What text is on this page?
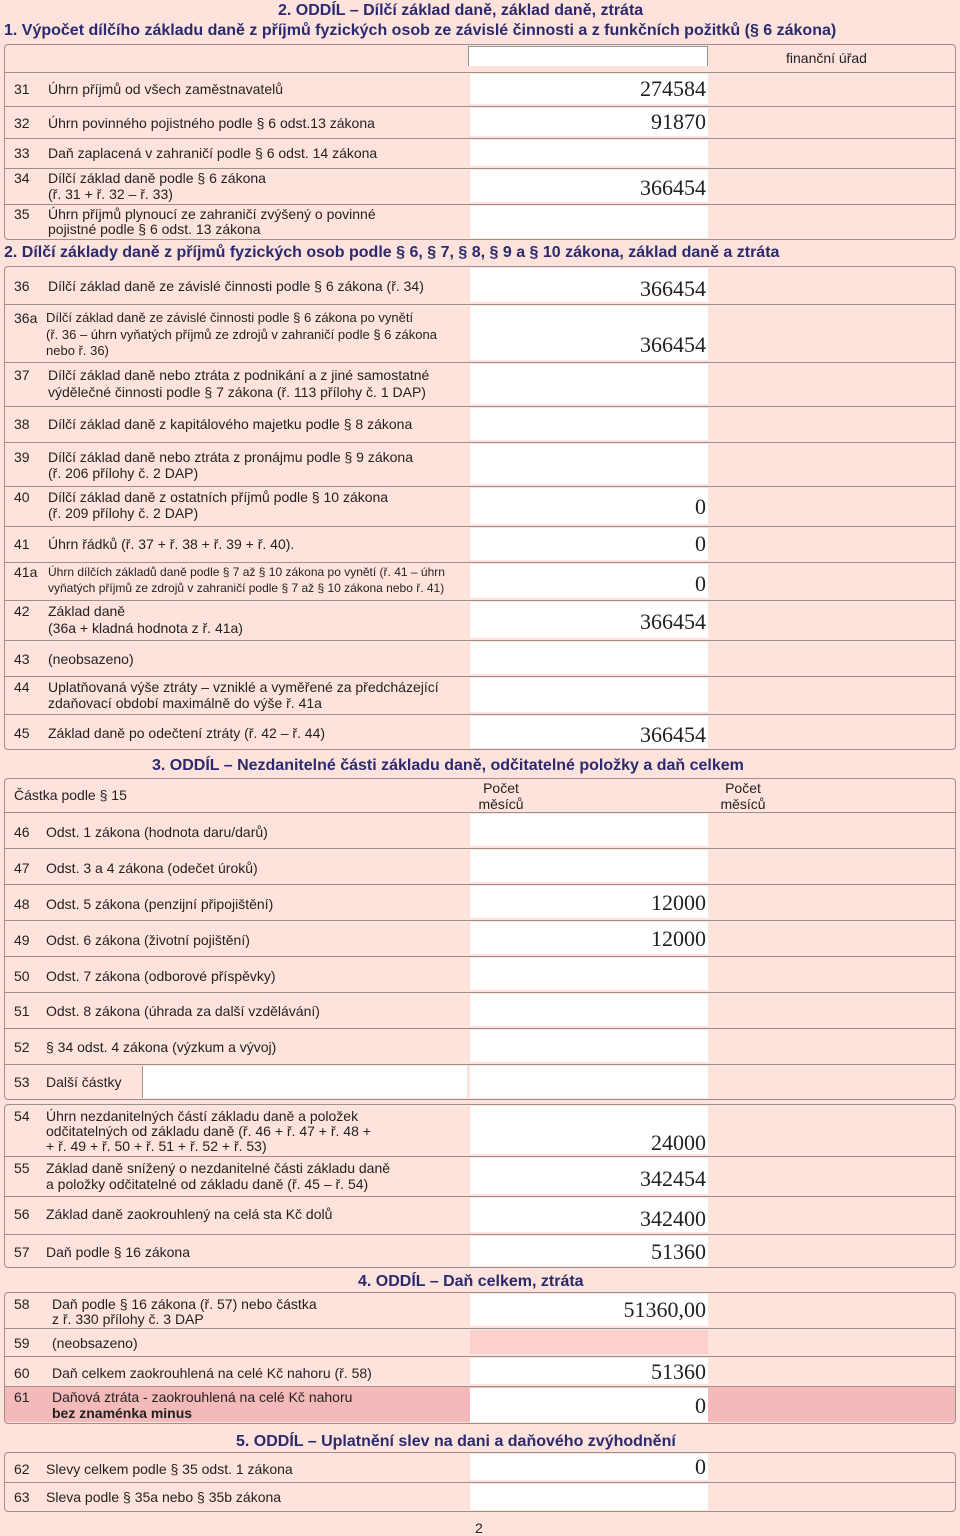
2. ODDÍL – Dílčí základ daně, základ daně, ztráta
1. Výpočet dílčího základu daně z příjmů fyzických osob ze závislé činnosti a z funkčních požitků (§ 6 zákona)
finanční úřad
31 Úhrn příjmů od všech zaměstnavatelů	274584
32 Úhrn povinného pojistného podle § 6 odst.13 zákona	91870
33 Daň zaplacená v zahraničí podle § 6 odst. 14 zákona
34 Dílčí základ daně podle § 6 zákona
(ř. 31 + ř. 32 – ř. 33)	366454
35 Úhrn příjmů plynoucí ze zahraničí zvýšený o povinné
pojistné podle § 6 odst. 13 zákona
2. Dílčí základy daně z příjmů fyzických osob podle § 6, § 7, § 8, § 9 a § 10 zákona, základ daně a ztráta
36 Dílčí základ daně ze závislé činnosti podle § 6 zákona (ř. 34)	366454
36a Dílčí základ daně ze závislé činnosti podle § 6 zákona po vynětí
(ř. 36 – úhrn vyňatých příjmů ze zdrojů v zahraničí podle § 6 zákona
nebo ř. 36)	366454
37 Dílčí základ daně nebo ztráta z podnikání a z jiné samostatné
výdělečné činnosti podle § 7 zákona (ř. 113 přílohy č. 1 DAP)
38 Dílčí základ daně z kapitálového majetku podle § 8 zákona
39 Dílčí základ daně nebo ztráta z pronájmu podle § 9 zákona
(ř. 206 přílohy č. 2 DAP)
40 Dílčí základ daně z ostatních příjmů podle § 10 zákona
(ř. 209 přílohy č. 2 DAP)	0
41 Úhrn řádků (ř. 37 + ř. 38 + ř. 39 + ř. 40).	0
41a Úhrn dílčích základů daně podle § 7 až § 10 zákona po vynětí (ř. 41 – úhrn
vyňatých příjmů ze zdrojů v zahraničí podle § 7 až § 10 zákona nebo ř. 41)	0
42 Základ daně
(36a + kladná hodnota z ř. 41a)	366454
43 (neobsazeno)
44 Uplatňovaná výše ztráty – vzniklé a vyměřené za předcházející
zdaňovací období maximálně do výše ř. 41a
45 Základ daně po odečtení ztráty (ř. 42 – ř. 44)	366454
3. ODDÍL – Nezdanitelné části základu daně, odčitatelné položky a daň celkem
Částka podle § 15	Počet měsíců
Počet měsíců
46 Odst. 1 zákona (hodnota daru/darů)
47 Odst. 3 a 4 zákona (odečet úroků)
48 Odst. 5 zákona (penzijní připojištění)	12000
49 Odst. 6 zákona (životní pojištění)	12000
50 Odst. 7 zákona (odborové příspěvky)
51 Odst. 8 zákona (úhrada za další vzdělávání)
52 § 34 odst. 4 zákona (výzkum a vývoj)
53 Další částky
54 Úhrn nezdanitelných částí základu daně a položek
odčitatelných od základu daně (ř. 46 + ř. 47 + ř. 48 +
+ ř. 49 + ř. 50 + ř. 51 + ř. 52 + ř. 53)	24000
55 Základ daně snížený o nezdanitelné části základu daně
a položky odčitatelné od základu daně (ř. 45 – ř. 54)	342454
56 Základ daně zaokrouhlený na celá sta Kč dolů	342400
57 Daň podle § 16 zákona	51360
4. ODDÍL – Daň celkem, ztráta
58 Daň podle § 16 zákona (ř. 57) nebo částka
z ř. 330 přílohy č. 3 DAP	51360,00
59 (neobsazeno)
60 Daň celkem zaokrouhlená na celé Kč nahoru (ř. 58)	51360
61 Daňová ztráta - zaokrouhlená na celé Kč nahoru
bez znaménka minus	0
5. ODDÍL – Uplatnění slev na dani a daňového zvýhodnění
62 Slevy celkem podle § 35 odst. 1 zákona	0
63 Sleva podle § 35a nebo § 35b zákona
2
